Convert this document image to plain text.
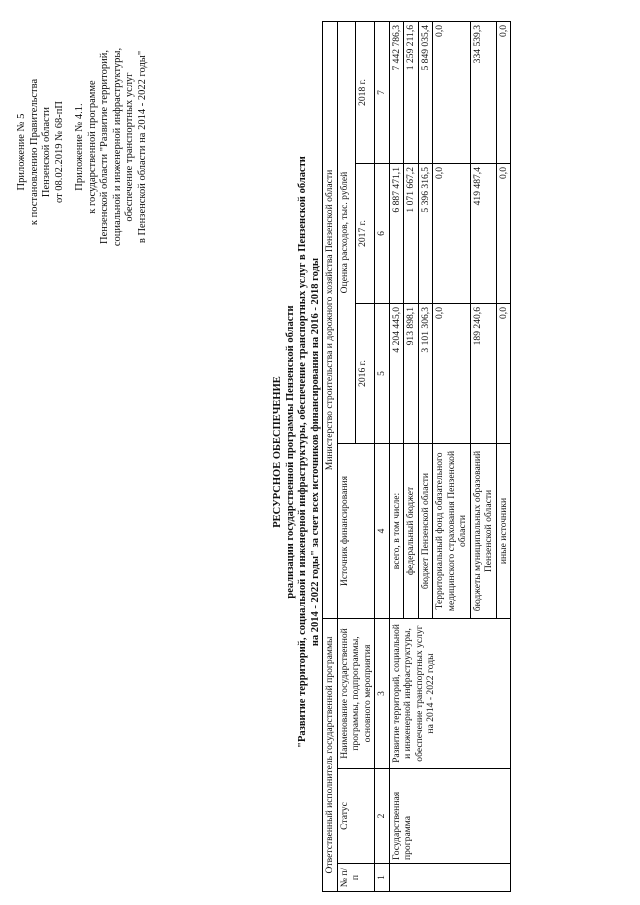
Приложение № 5 к постановлению Правительства Пензенской области от 08.02.2019 № 68-пП Приложение № 4.1. к государственной программе Пензенской области "Развитие территорий, социальной и инженерной инфраструктуры, обеспечение транспортных услуг в Пензенской области на 2014 - 2022 годы"
РЕСУРСНОЕ ОБЕСПЕЧЕНИЕ реализации государственной программы Пензенской области "Развитие территорий, социальной и инженерной инфраструктуры, обеспечение транспортных услуг в Пензенской области на 2014 - 2022 годы" за счет всех источников финансирования на 2016 - 2018 годы
Ответственный исполнитель государственной программы			Министерство строительства и дорожного хозяйства Пензенской области			
№ п/п	Статус	Наименование государственной программы, подпрограммы, основного мероприятия	Источник финансирования	Оценка расходов, тыс. рублей		
				2016 г.	2017 г.	2018 г.
1	2	3	4	5	6	7
	Государственная программа	Развитие территорий, социальной и инженерной инфраструктуры, обеспечение транспортных услуг на 2014 - 2022 годы	всего, в том числе:	4 204 445,0	6 887 471,1	7 442 786,3
			федеральный бюджет	913 898,1	1 071 667,2	1 259 211,6
			бюджет Пензенской области	3 101 306,3	5 396 316,5	5 849 035,4
			Территориальный фонд обязательного медицинского страхования Пензенской области	0,0	0,0	0,0
			бюджеты муниципальных образований Пензенской области	189 240,6	419 487,4	334 539,3
			иные источники	0,0	0,0	0,0
